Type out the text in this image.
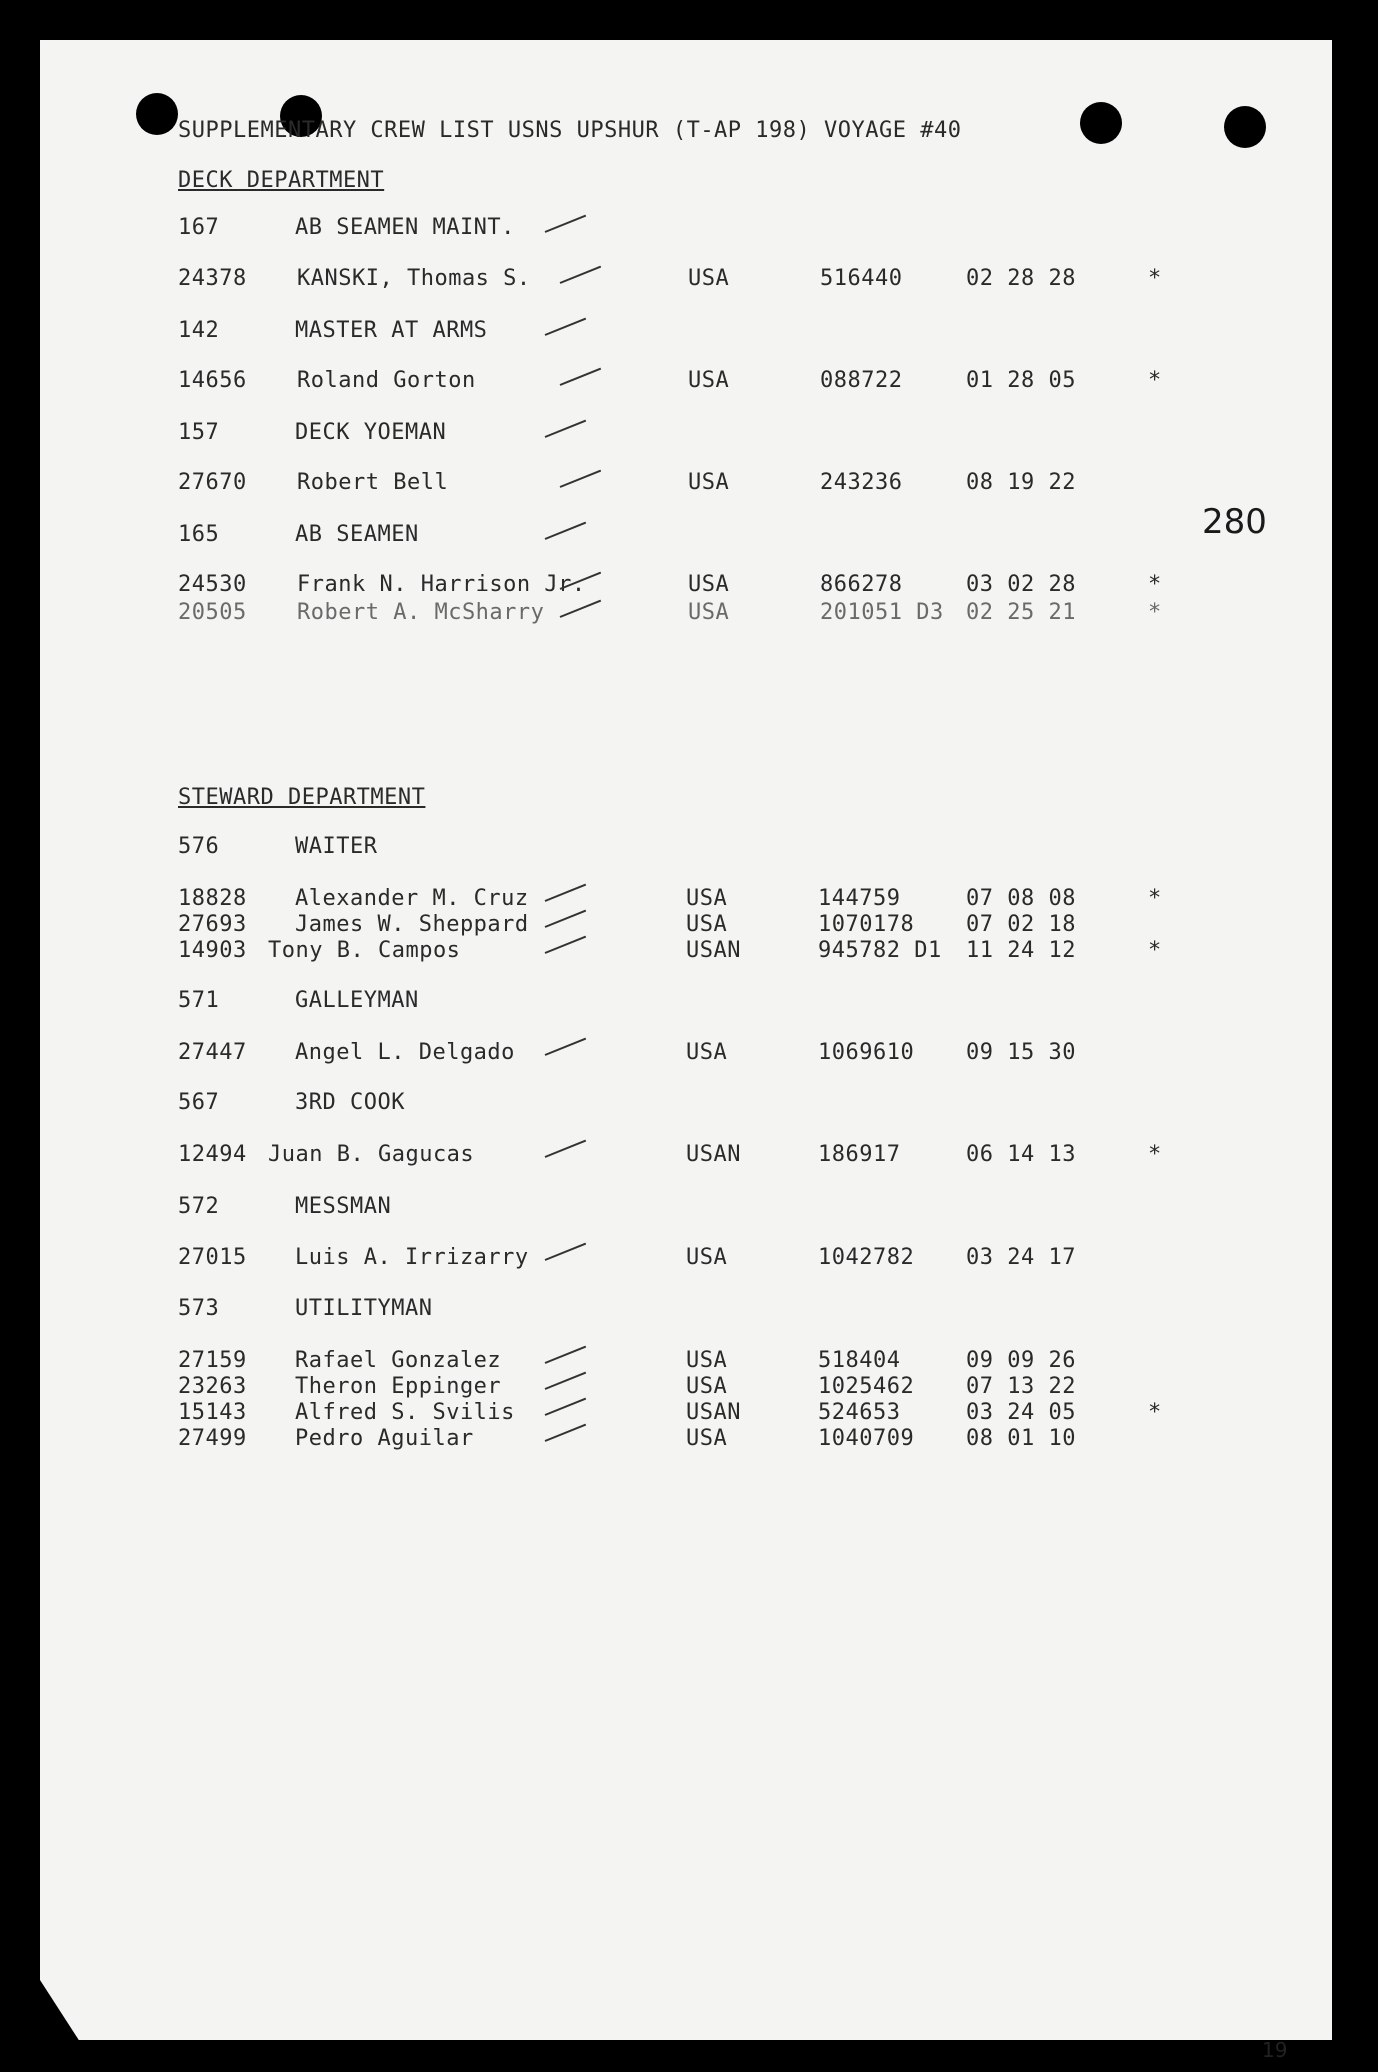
SUPPLEMENTARY CREW LIST USNS UPSHUR (T-AP 198) VOYAGE #40
280
19
DECK DEPARTMENT
167	AB SEAMEN MAINT.
24378 KANSKI, Thomas S.	USA	516440	02 28 28	*
142	MASTER AT ARMS
14656 Roland Gorton	USA	088722	01 28 05	*
157	DECK YOEMAN
27670 Robert Bell	USA	243236	08 19 22
165	AB SEAMEN
24530 Frank N. Harrison Jr.	USA	866278	03 02 28	*
20505 Robert A. McSharry	USA	201051 D3 02 25 21	*
STEWARD DEPARTMENT
576	WAITER
18828 Alexander M. Cruz	USA	144759	07 08 08	*
27693 James W. Sheppard	USA	1070178 07 02 18
14903 Tony B. Campos	USAN	945782 D1 11 24 12	*
571	GALLEYMAN
27447 Angel L. Delgado	USA	1069610 09 15 30
567	3RD COOK
12494 Juan B. Gagucas	USAN	186917	06 14 13	*
572	MESSMAN
27015 Luis A. Irrizarry	USA	1042782 03 24 17
573	UTILITYMAN
27159 Rafael Gonzalez	USA	518404	09 09 26
23263 Theron Eppinger	USA	1025462 07 13 22
15143 Alfred S. Svilis	USAN	524653	03 24 05	*
27499 Pedro Aguilar	USA	1040709 08 01 10
